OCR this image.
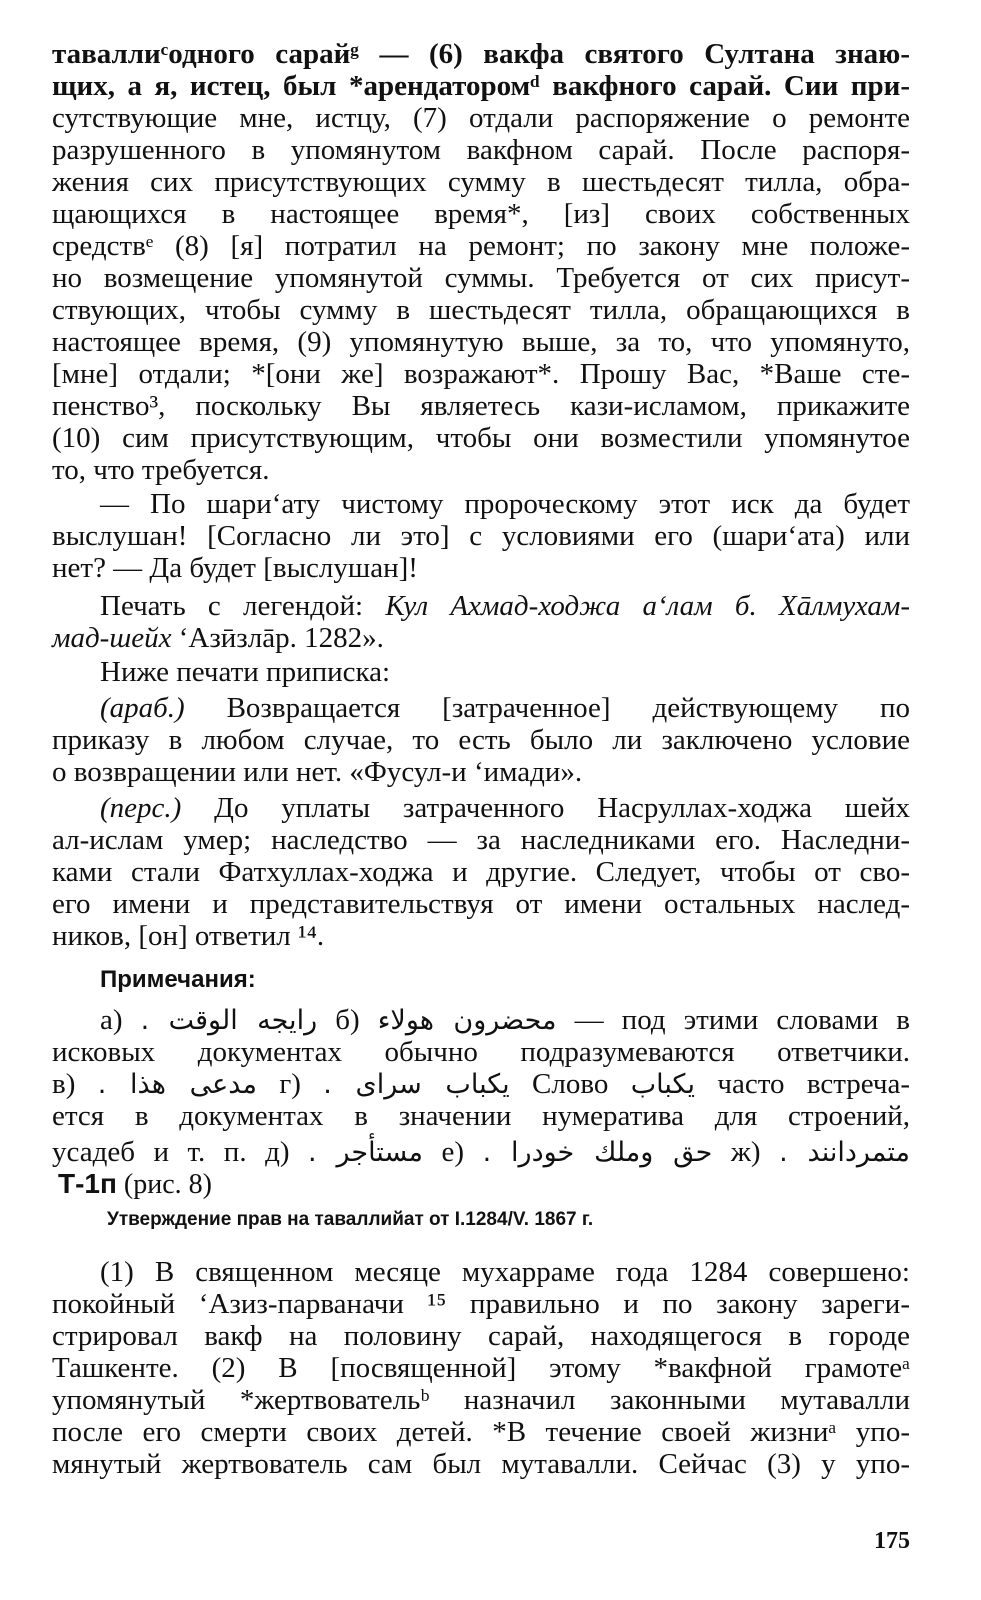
таваллиᶜодного сарайᵍ — (6) вакфа святого Султана знаю-
щих, а я, истец, был *арендаторомᵈ вакфного сарай. Сии при-
сутствующие мне, истцу, (7) отдали распоряжение о ремонте
разрушенного в упомянутом вакфном сарай. После распоря-
жения сих присутствующих сумму в шестьдесят тилла, обра-
щающихся в настоящее время*, [из] своих собственных
средствᵉ (8) [я] потратил на ремонт; по закону мне положе-
но возмещение упомянутой суммы. Требуется от сих присут-
ствующих, чтобы сумму в шестьдесят тилла, обращающихся в
настоящее время, (9) упомянутую выше, за то, что упомянуто,
[мне] отдали; *[они же] возражают*. Прошу Вас, *Ваше сте-
пенство³, поскольку Вы являетесь кази-исламом, прикажите
(10) сим присутствующим, чтобы они возместили упомянутое
то, что требуется.
— По шари‘ату чистому пророческому этот иск да будет
выслушан! [Согласно ли это] с условиями его (шари‘ата) или
нет? — Да будет [выслушан]!
Печать с легендой: Кул Ахмад-ходжа а‘лам б. Хāлмухам-
мад-шейх ‘Азӣзлāр. 1282».
Ниже печати приписка:
(араб.) Возвращается [затраченное] действующему по
приказу в любом случае, то есть было ли заключено условие
о возвращении или нет. «Фусул-и ‘имади».
(перс.) До уплаты затраченного Насруллах-ходжа шейх
ал-ислам умер; наследство — за наследниками его. Наследни-
ками стали Фатхуллах-ходжа и другие. Следует, чтобы от сво-
его имени и представительствуя от имени остальных наслед-
ников, [он] ответил ¹⁴.
Примечания:
а) رايجه الوقت . б) محضرون هولاء — под этими словами в
исковых документах обычно подразумеваются ответчики.
в) مدعى هذا . г) يكباب سراى . Слово يكباب часто встреча-
ется в документах в значении нумератива для строений,
усадеб и т. п. д) مستأجر . е) حق وملك خودرا . ж) متمردانند .
Т-1п (рис. 8)
Утверждение прав на таваллийат от I.1284/V. 1867 г.
(1) В священном месяце мухарраме года 1284 совершено:
покойный ‘Азиз-парваначи ¹⁵ правильно и по закону зареги-
стрировал вакф на половину сарай, находящегося в городе
Ташкенте. (2) В [посвященной] этому *вакфной грамотеᵃ
упомянутый *жертвовательᵇ назначил законными мутавалли
после его смерти своих детей. *В течение своей жизниᵃ упо-
мянутый жертвователь сам был мутавалли. Сейчас (3) у упо-
175
